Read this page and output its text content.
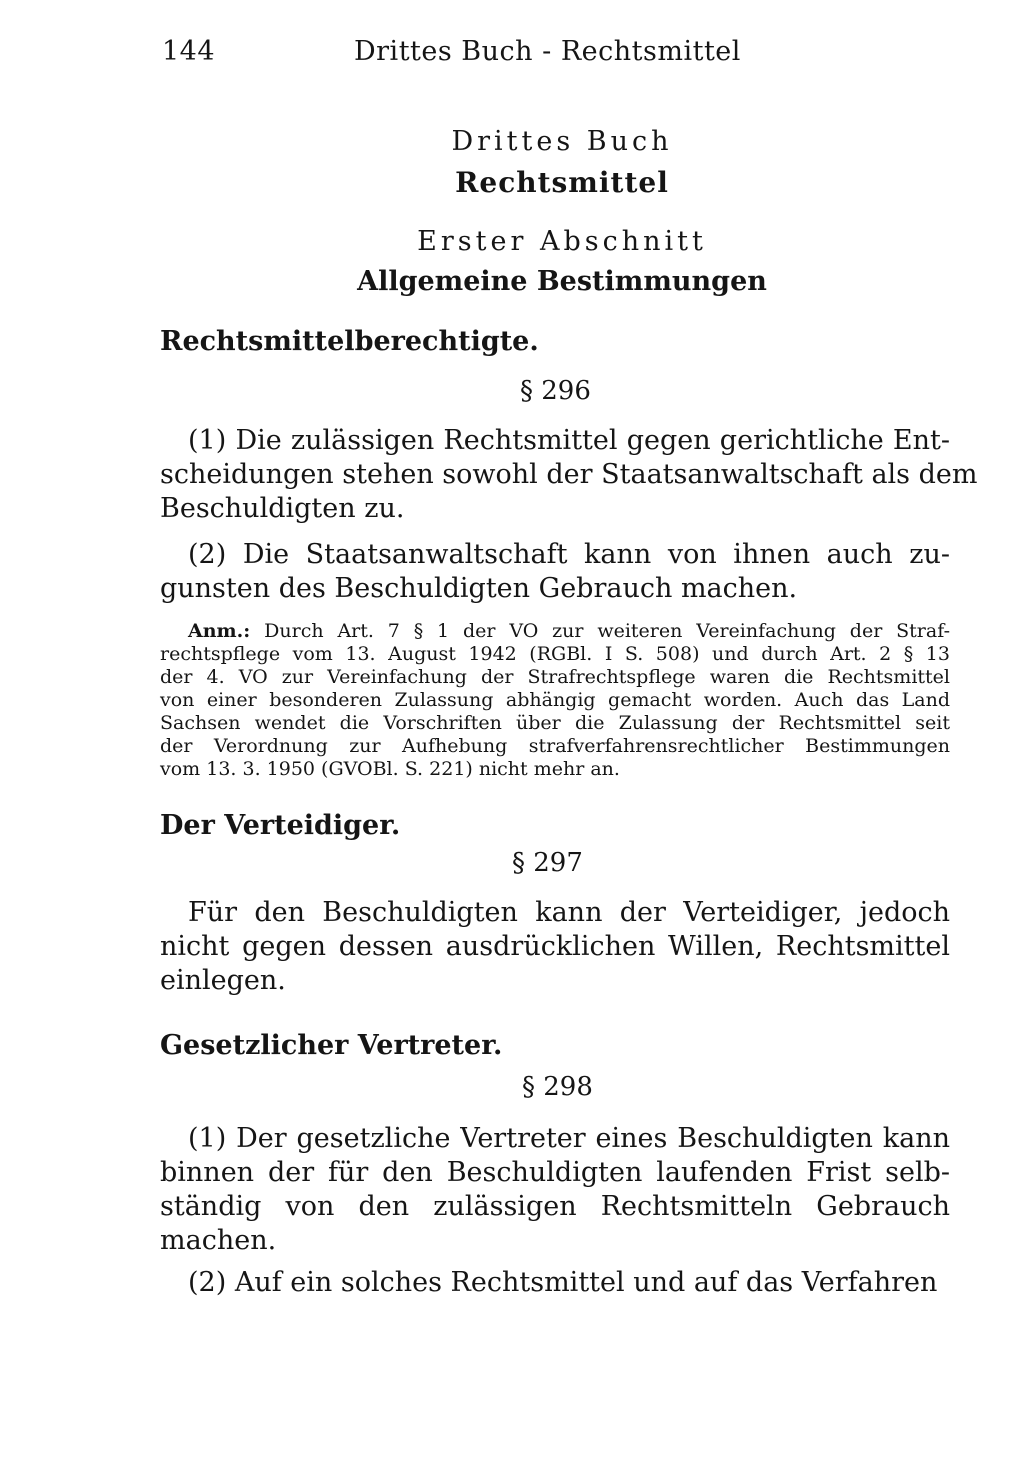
144	Drittes Buch - Rechtsmittel
Drittes Buch
Rechtsmittel
Erster Abschnitt
Allgemeine Bestimmungen
Rechtsmittelberechtigte.
§ 296
(1) Die zulässigen Rechtsmittel gegen gerichtliche Ent-
scheidungen stehen sowohl der Staatsanwaltschaft als dem
Beschuldigten zu.
(2) Die Staatsanwaltschaft kann von ihnen auch zu-
gunsten des Beschuldigten Gebrauch machen.
Anm.: Durch Art. 7 § 1 der VO zur weiteren Vereinfachung der Straf-
rechtspflege vom 13. August 1942 (RGBl. I S. 508) und durch Art. 2 § 13
der 4. VO zur Vereinfachung der Strafrechtspflege waren die Rechtsmittel
von einer besonderen Zulassung abhängig gemacht worden. Auch das Land
Sachsen wendet die Vorschriften über die Zulassung der Rechtsmittel seit
der Verordnung zur Aufhebung strafverfahrensrechtlicher Bestimmungen
vom 13. 3. 1950 (GVOBl. S. 221) nicht mehr an.
Der Verteidiger.
§ 297
Für den Beschuldigten kann der Verteidiger, jedoch
nicht gegen dessen ausdrücklichen Willen, Rechtsmittel
einlegen.
Gesetzlicher Vertreter.
§ 298
(1) Der gesetzliche Vertreter eines Beschuldigten kann
binnen der für den Beschuldigten laufenden Frist selb-
ständig von den zulässigen Rechtsmitteln Gebrauch
machen.
(2) Auf ein solches Rechtsmittel und auf das Verfahren
